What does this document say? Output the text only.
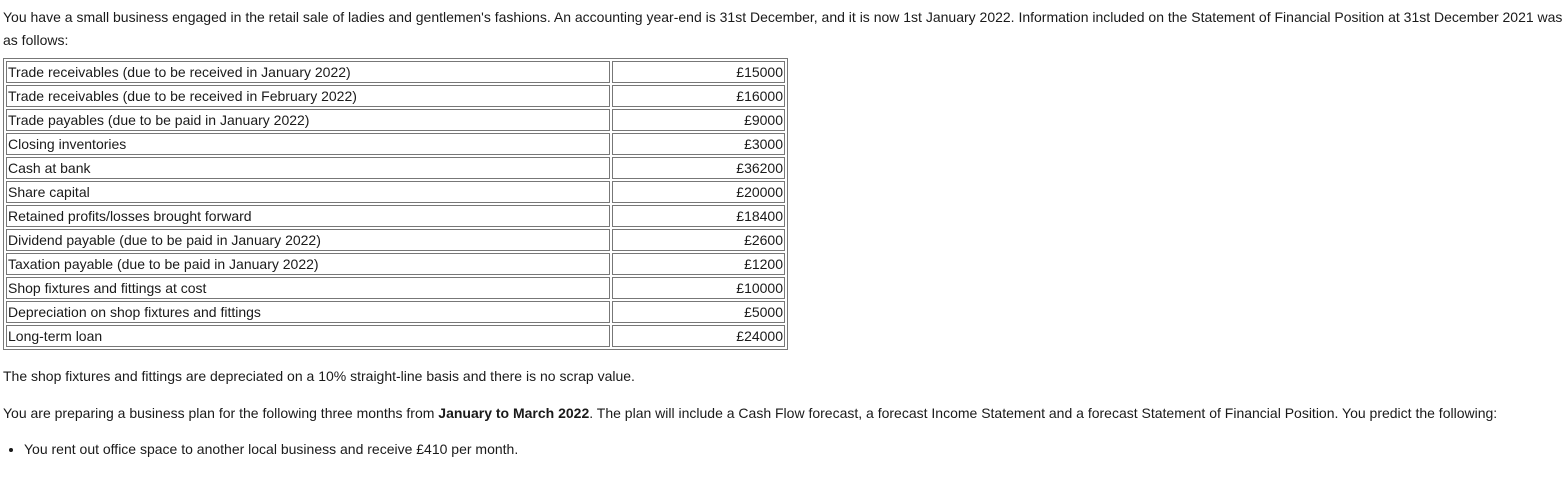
You have a small business engaged in the retail sale of ladies and gentlemen's fashions. An accounting year-end is 31st December, and it is now 1st January 2022. Information included on the Statement of Financial Position at 31st December 2021 was as follows:

Trade receivables (due to be received in January 2022)	£15000
Trade receivables (due to be received in February 2022)	£16000
Trade payables (due to be paid in January 2022)	£9000
Closing inventories	£3000
Cash at bank	£36200
Share capital	£20000
Retained profits/losses brought forward	£18400
Dividend payable (due to be paid in January 2022)	£2600
Taxation payable (due to be paid in January 2022)	£1200
Shop fixtures and fittings at cost	£10000
Depreciation on shop fixtures and fittings	£5000
Long-term loan	£24000

The shop fixtures and fittings are depreciated on a 10% straight-line basis and there is no scrap value.

You are preparing a business plan for the following three months from January to March 2022. The plan will include a Cash Flow forecast, a forecast Income Statement and a forecast Statement of Financial Position. You predict the following:

• You rent out office space to another local business and receive £410 per month.
